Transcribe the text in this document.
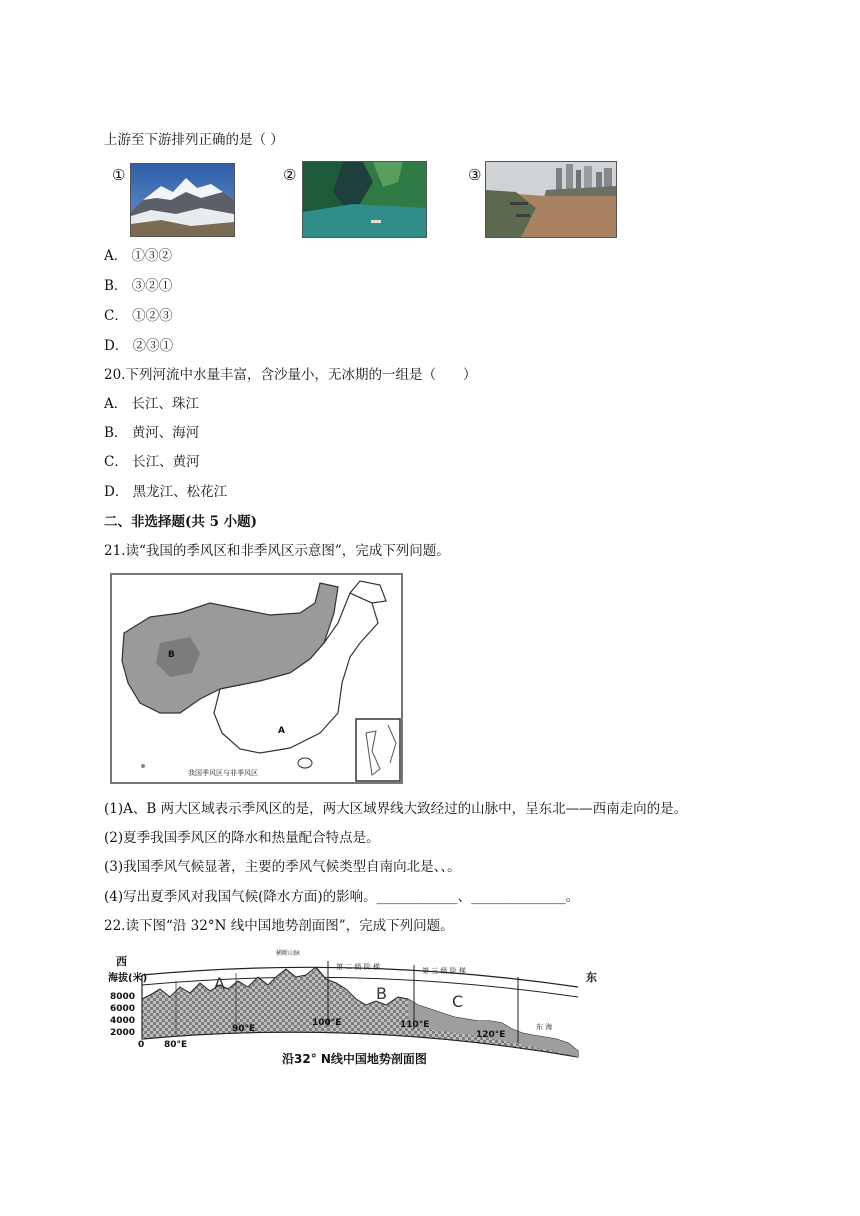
上游至下游排列正确的是（ ）
①	②	③
A． ①③②
B． ③②①
C． ①②③
D． ②③①
20.下列河流中水量丰富，含沙量小，无冰期的一组是（　　）
A． 长江、珠江
B． 黄河、海河
C． 长江、黄河
D． 黑龙江、松花江
二、非选择题(共 5 小题)
21.读“我国的季风区和非季风区示意图”，完成下列问题。
B
A
我国季风区与非季风区
(1)A、B 两大区域表示季风区的是，两大区域界线大致经过的山脉中，呈东北——西南走向的是。
(2)夏季我国季风区的降水和热量配合特点是。
(3)我国季风气候显著，主要的季风气候类型自南向北是、、。
(4)写出夏季风对我国气候(降水方面)的影响。____________、______________。
22.读下图“沿 32°N 线中国地势剖面图”，完成下列问题。
西
东
海拔(米)
8000
6000
4000
2000
0 80°E
90°E
100°E	110°E
120°E
横断山脉
第 二 级 阶 梯	第 三 级 阶 梯
A
B	C
东 海
沿32° N线中国地势剖面图
